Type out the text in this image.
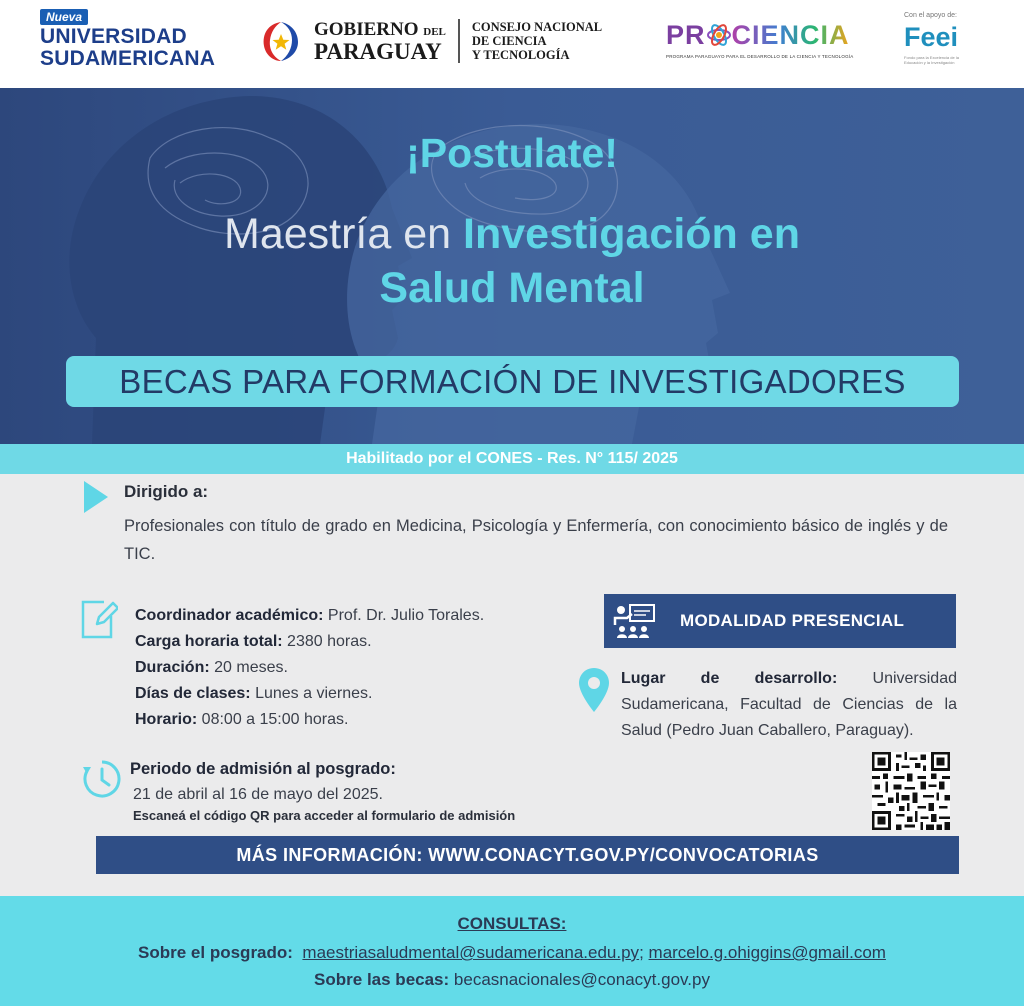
Nueva
UNIVERSIDAD
SUDAMERICANA
GOBIERNO DEL
PARAGUAY
CONSEJO NACIONAL
DE CIENCIA
Y TECNOLOGÍA
PR CIENCIA
PROGRAMA PARAGUAYO PARA EL DESARROLLO DE LA CIENCIA Y TECNOLOGÍA
Con el apoyo de:
Feei
Fondo para la Excelencia de la Educación y la Investigación
¡Postulate!
Maestría en Investigación en
Salud Mental
BECAS PARA FORMACIÓN DE INVESTIGADORES
Habilitado por el CONES - Res. N° 115/ 2025
Dirigido a:
Profesionales con título de grado en Medicina, Psicología y Enfermería, con conocimiento básico de inglés y de TIC.
Coordinador académico: Prof. Dr. Julio Torales.
Carga horaria total: 2380 horas.
Duración: 20 meses.
Días de clases: Lunes a viernes.
Horario: 08:00 a 15:00 horas.
Periodo de admisión al posgrado:
21 de abril al 16 de mayo del 2025.
Escaneá el código QR para acceder al formulario de admisión
MODALIDAD PRESENCIAL
Lugar de desarrollo: Universidad Sudamericana, Facultad de Ciencias de la Salud (Pedro Juan Caballero, Paraguay).
MÁS INFORMACIÓN: WWW.CONACYT.GOV.PY/CONVOCATORIAS
CONSULTAS:
Sobre el posgrado: maestriasaludmental@sudamericana.edu.py; marcelo.g.ohiggins@gmail.com
Sobre las becas: becasnacionales@conacyt.gov.py
